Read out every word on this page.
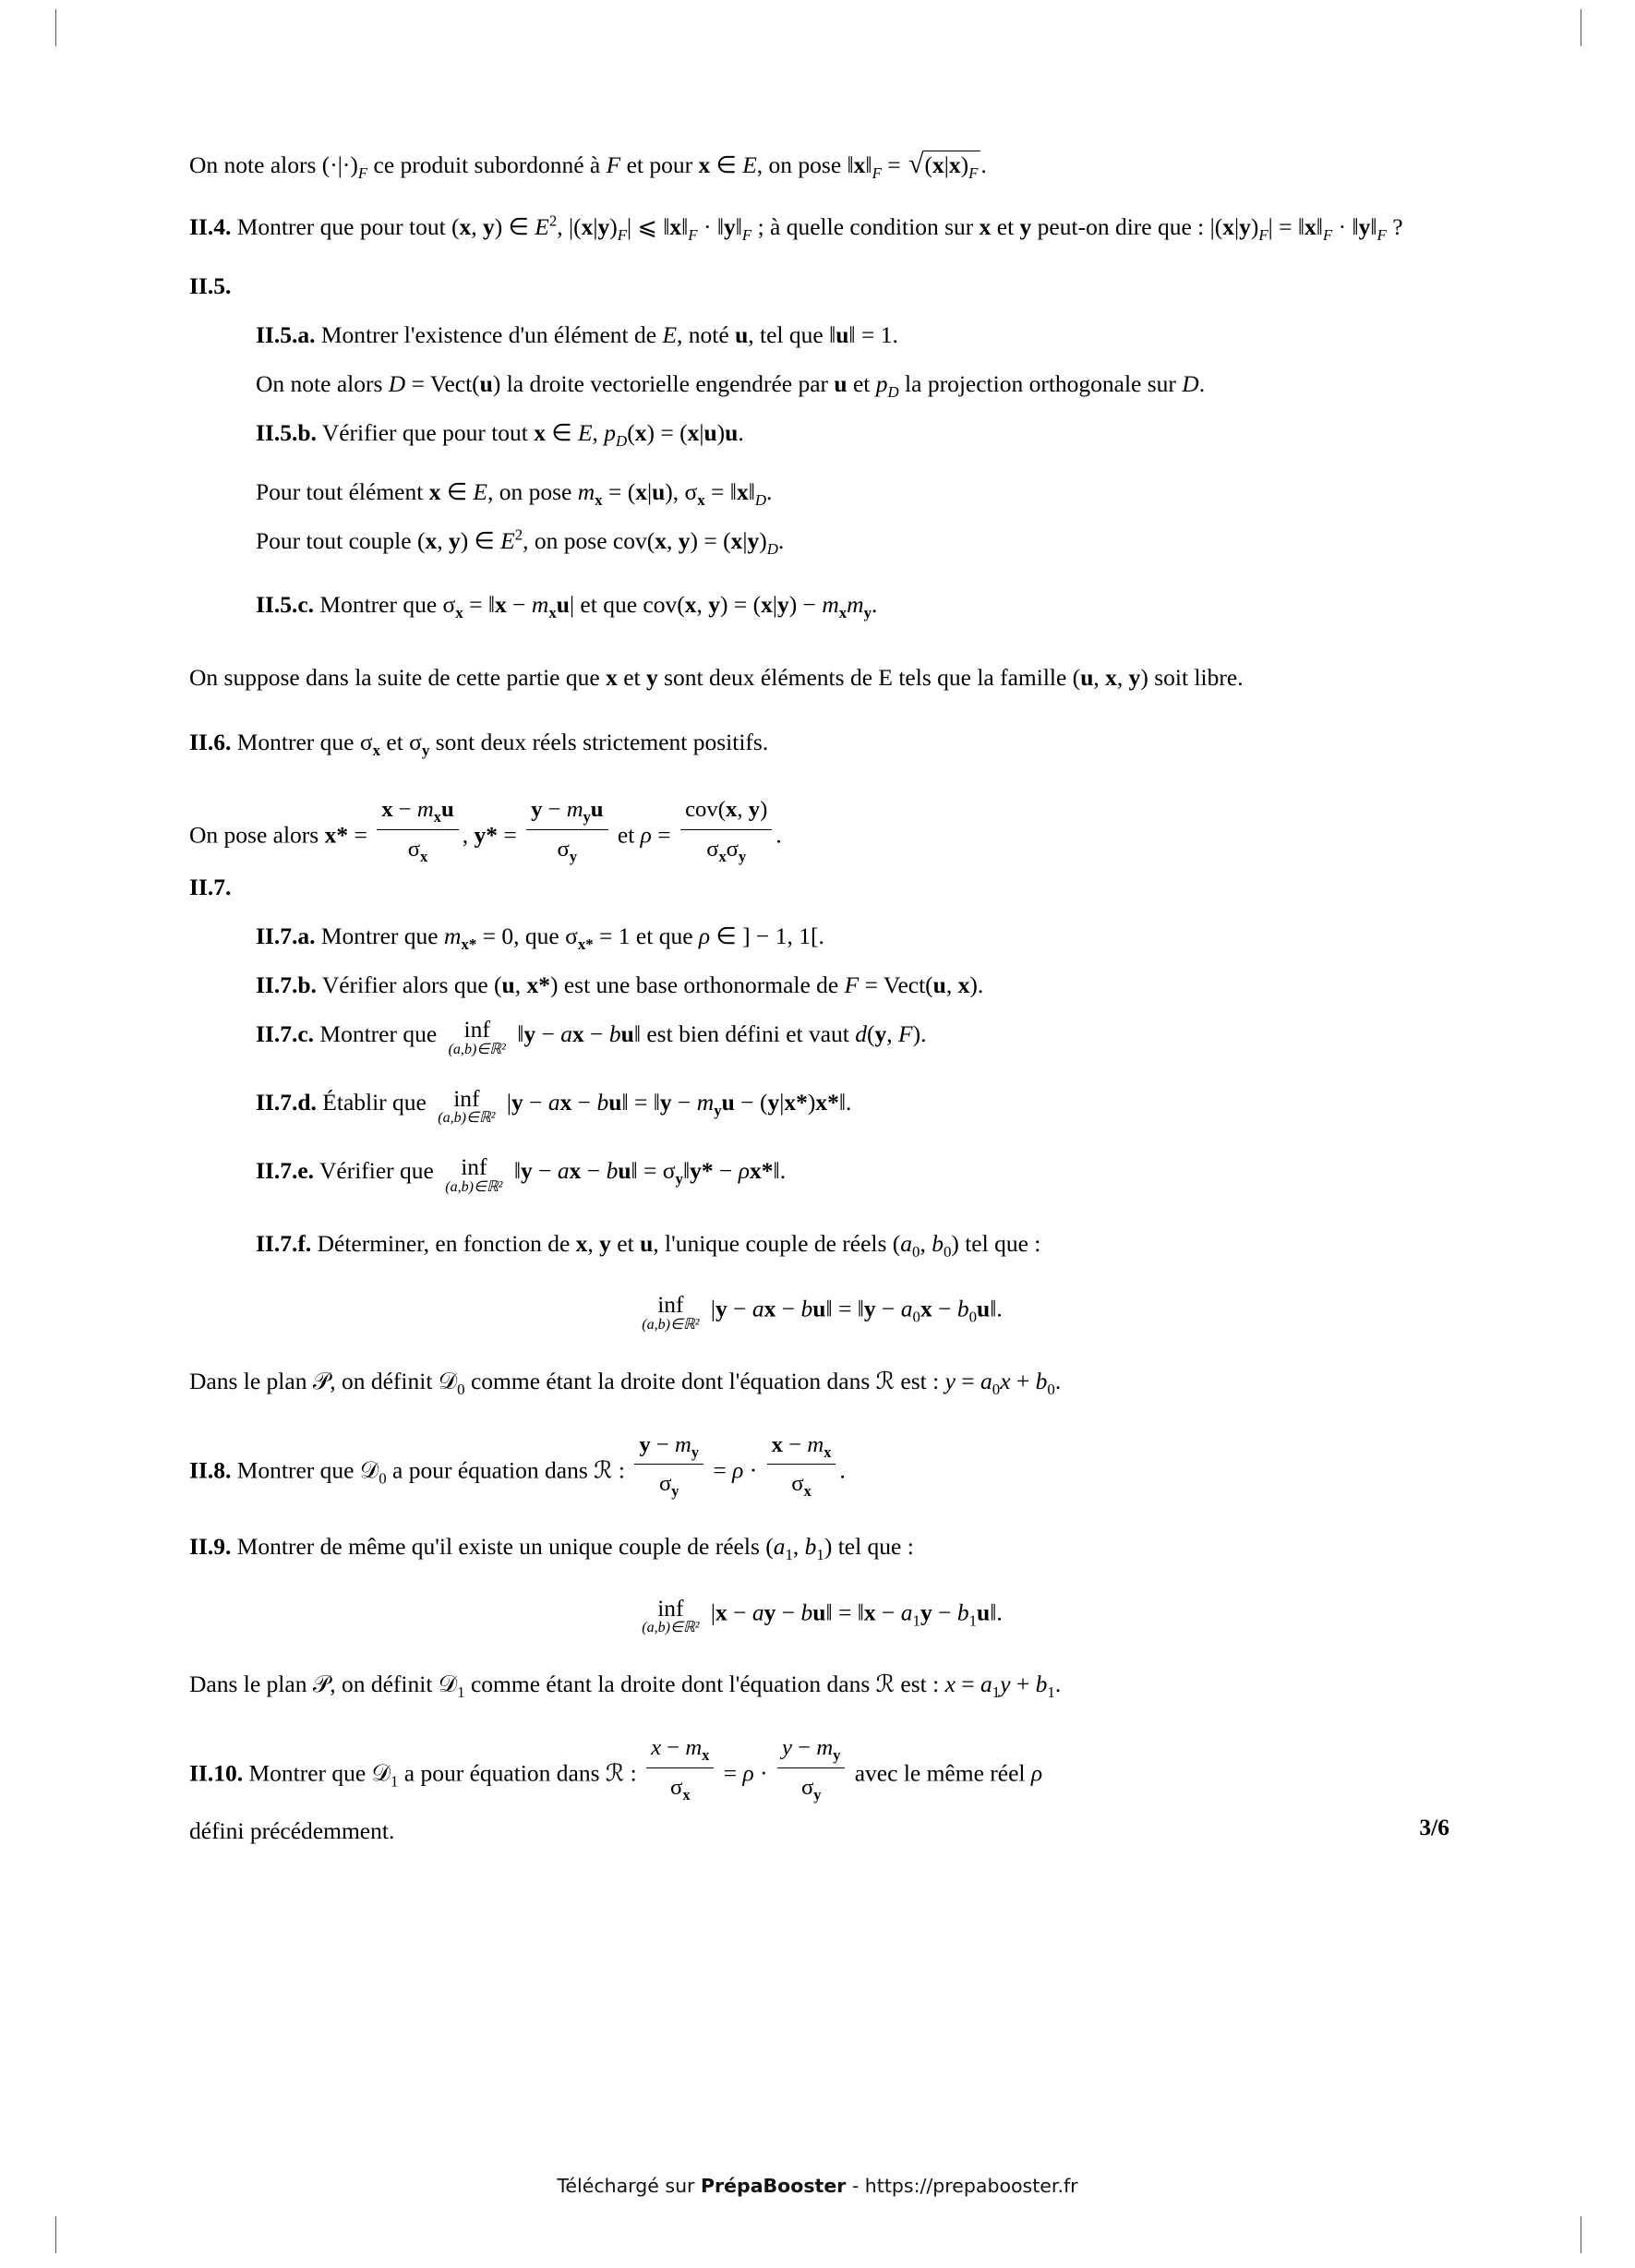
On note alors $(\cdot|\cdot)_F$ ce produit subordonné à F et pour x ∈ E, on pose $‖x‖_F = √(x|x)_F$ .

II.4. Montrer que pour tout (x, y) ∈ $E^2$, $|(x|y)_F|$ ⩽ $‖x‖_F$ · $‖y‖_F$ ; à quelle condition sur x et y peut-on dire que : $|(x|y)_F|$ = $‖x‖_F$ · $‖y‖_F$ ?

II.5.

II.5.a. Montrer l'existence d'un élément de E, noté u, tel que ‖u‖ = 1.

On note alors D = Vect(u) la droite vectorielle engendrée par u et $p_D$ la projection orthogonale sur D.

II.5.b. Vérifier que pour tout x ∈ E, $p_D(x) = (x|u)u$.

Pour tout élément x ∈ E, on pose $m_x = (x|u)$, $\sigma_x$ = $‖x‖_D$.

Pour tout couple (x, y) ∈ $E^2$, on pose cov(x, $y) = (x|y)_D$.

II.5.c. Montrer que $\sigma_x$ = ‖x − $m_xu|$ et que cov(x, $y) = (x|y) - m_xm_y$.

On suppose dans la suite de cette partie que x et y sont deux éléments de E tels que la famille (u, x, y) soit libre.

II.6. Montrer que $\sigma_x$ et $\sigma_y$ sont deux réels strictement positifs.

On pose alors $x* = \frac{x - m_xu}{\sigma_x}$ , $y* = \frac{y - m_yu}{\sigma_y}$ et $\rho = \frac{\text{cov(x, y)}}{\sigma_x\sigma_y}$ .

II.7.

II.7.a. Montrer que $m_{x*} = 0$, que $\sigma_{x*} = 1$ et que ρ ∈ ] − 1, 1[.

II.7.b. Vérifier alors que (u, x*) est une base orthonormale de F = Vect(u, x).

II.7.c. Montrer que	inf
(a,b)∈ℝ²
‖y − ax − bu‖ est bien défini et vaut d(y, F).

II.7.d. Établir que	inf
(a,b)∈ℝ²
|y − ax − bu‖ = ‖y − $m_yu$ − (y|x*)x*‖.

II.7.e. Vérifier que	inf
(a,b)∈ℝ²
‖y − ax − bu‖ = $\sigma_y‖y*$ − ρx*‖.

II.7.f. Déterminer, en fonction de x, y et u, l'unique couple de réels ($a_0$, $b_0$) tel que :

inf
(a,b)∈ℝ²
|y − ax − bu‖ = ‖y − $a_0x$ − $b_0u‖$.

Dans le plan 𝒫, on définit 𝒟$_0$ comme étant la droite dont l'équation dans ℛ est : $y = a_0x + b_0$.

II.8. Montrer que 𝒟$_0$ a pour équation dans ℛ : $\frac{y - m_y}{\sigma_y} = \rho \cdot \frac{x - m_x}{\sigma_x}$ .

II.9. Montrer de même qu'il existe un unique couple de réels ($a_1$, $b_1$) tel que :

inf
(a,b)∈ℝ²
|x − ay − bu‖ = ‖x − $a_1y$ − $b_1u‖$.

Dans le plan 𝒫, on définit 𝒟$_1$ comme étant la droite dont l'équation dans ℛ est : $x = a_1y + b_1$.

II.10. Montrer que 𝒟$_1$ a pour équation dans ℛ : $\frac{x - m_x}{\sigma_x} = \rho \cdot \frac{y - m_y}{\sigma_y}$ avec le même réel ρ

défini précédemment.	3/6
Téléchargé sur PrépaBooster - https://prepabooster.fr
